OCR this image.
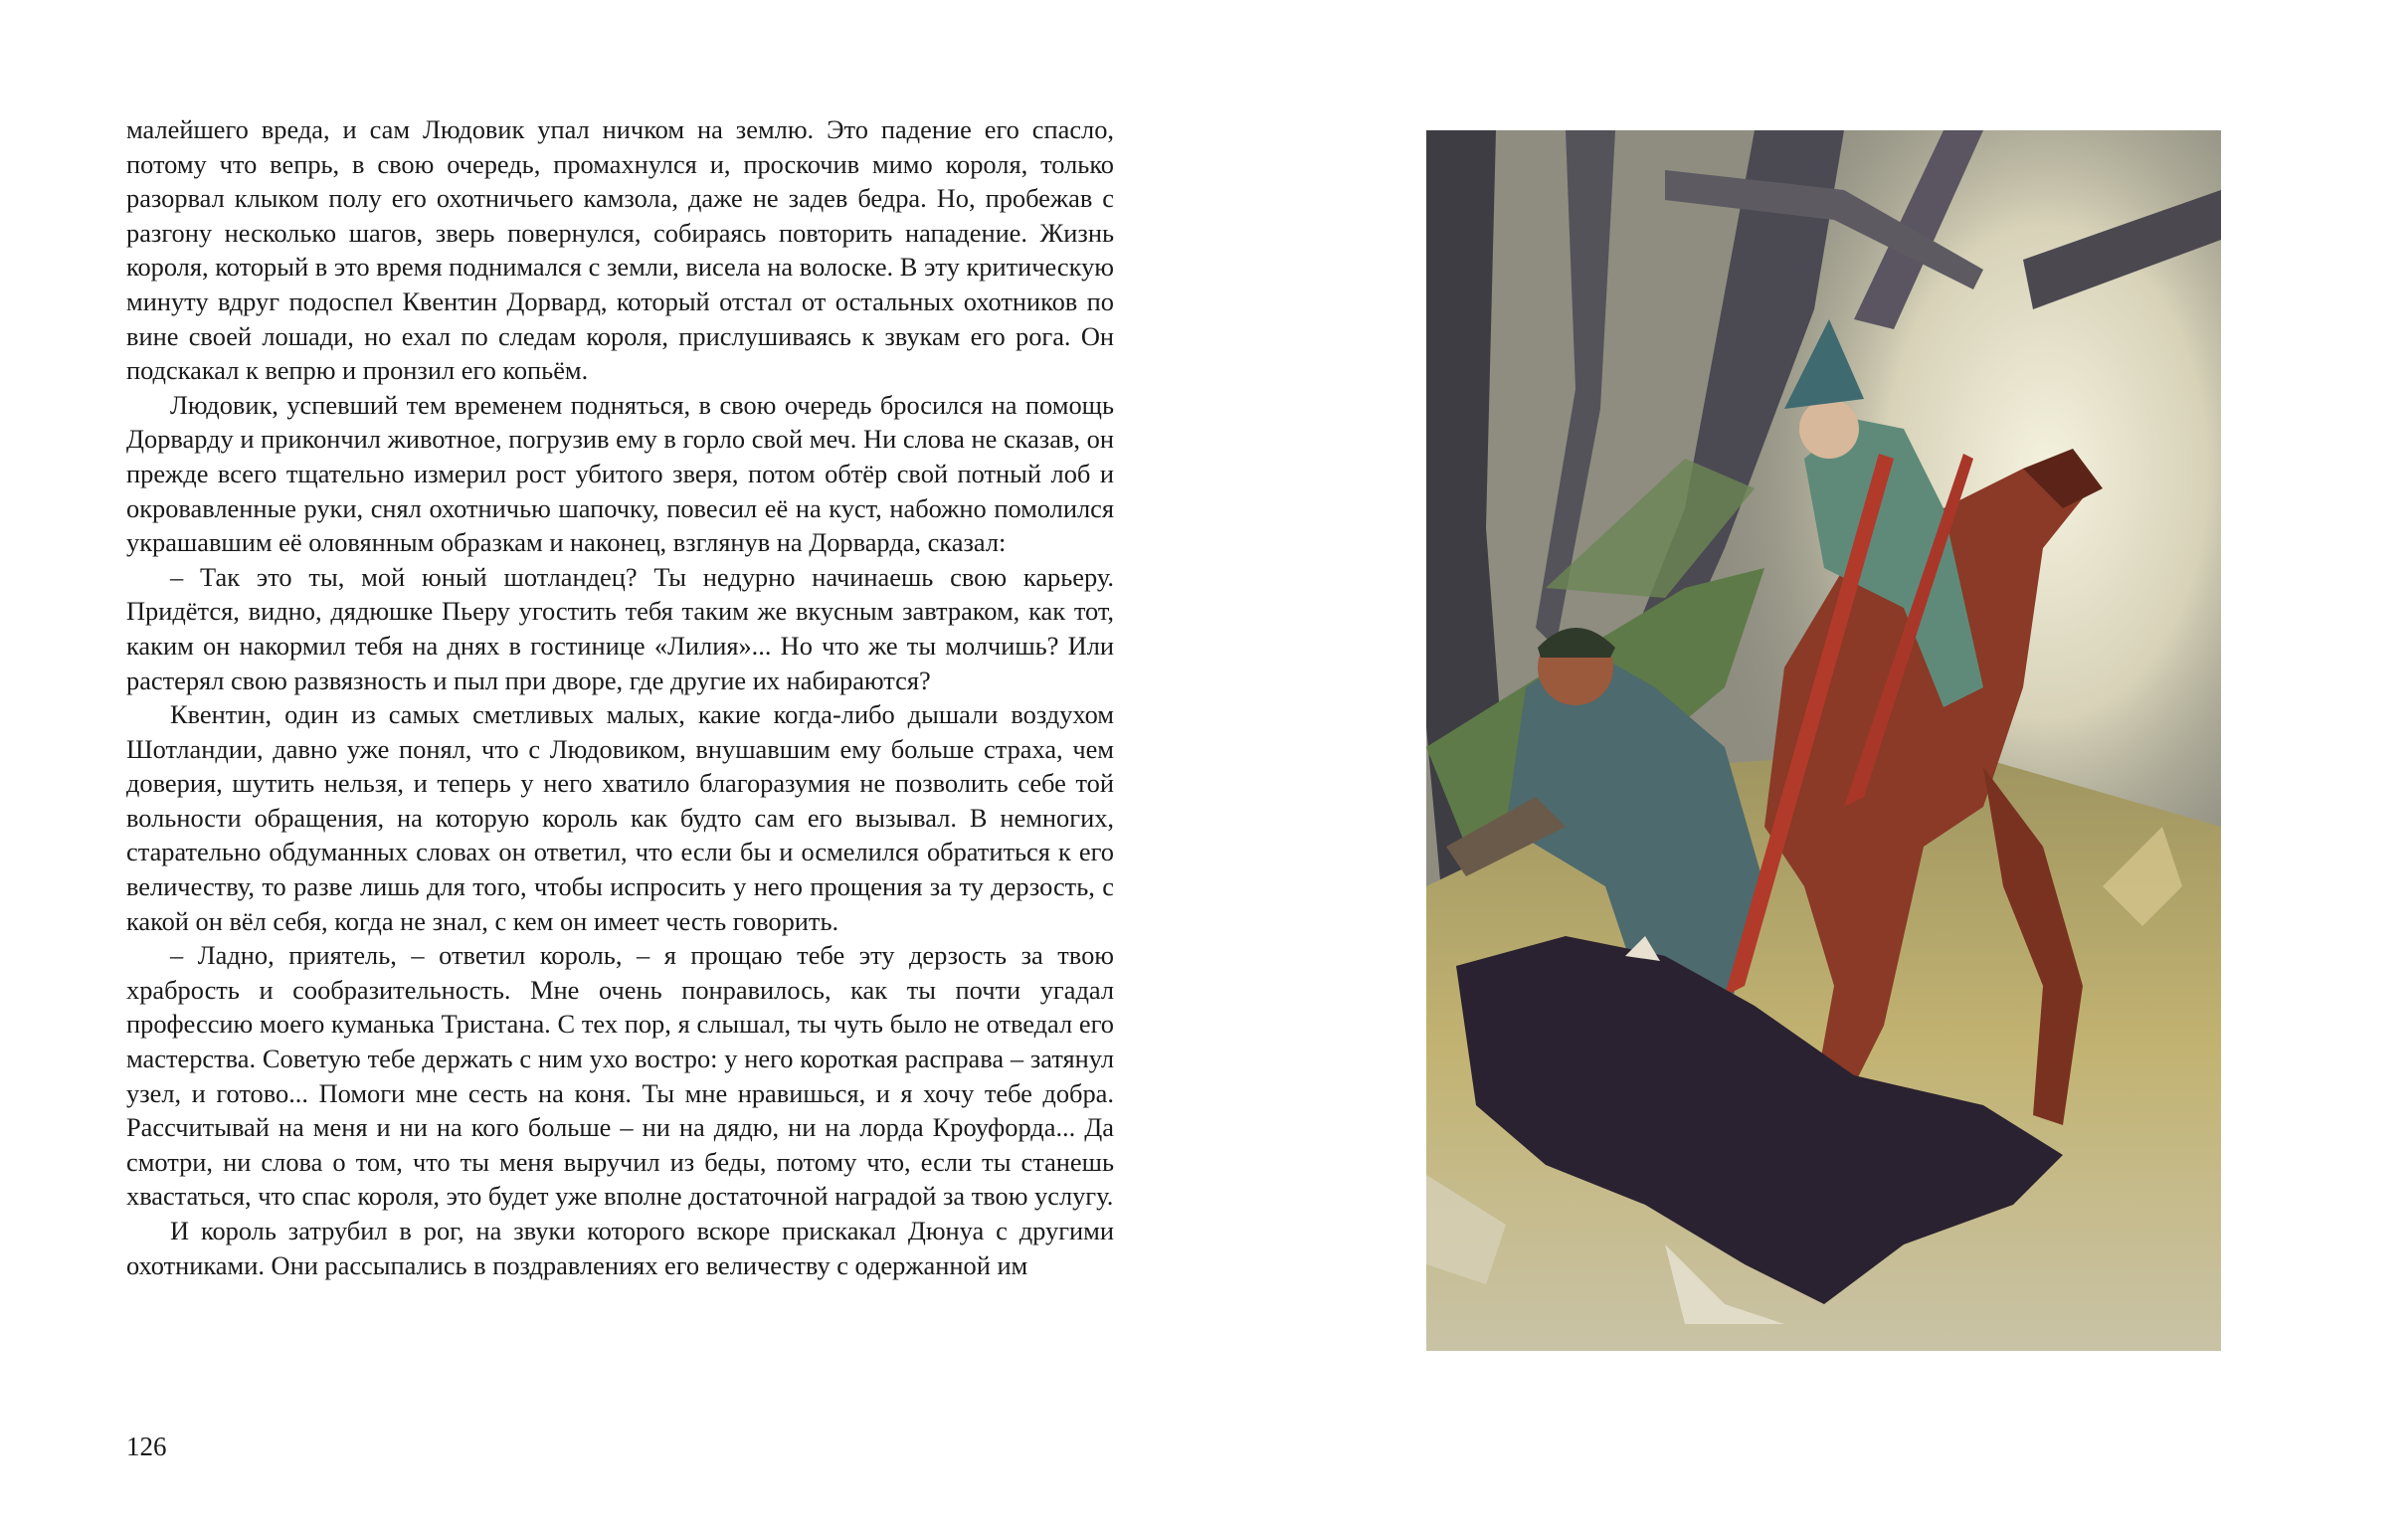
малейшего вреда, и сам Людовик упал ничком на землю. Это падение его спасло, потому что вепрь, в свою очередь, промахнулся и, проскочив мимо короля, только разорвал клыком полу его охотничьего камзола, даже не задев бедра. Но, пробежав с разгону несколько шагов, зверь повернулся, собираясь повторить нападение. Жизнь короля, который в это время поднимался с земли, висела на волоске. В эту критическую минуту вдруг подоспел Квентин Дорвард, который отстал от остальных охотников по вине своей лошади, но ехал по следам короля, прислушиваясь к звукам его рога. Он подскакал к вепрю и пронзил его копьём.

Людовик, успевший тем временем подняться, в свою очередь бросился на помощь Дорварду и прикончил животное, погрузив ему в горло свой меч. Ни слова не сказав, он прежде всего тщательно измерил рост убитого зверя, потом обтёр свой потный лоб и окровавленные руки, снял охотничью шапочку, повесил её на куст, набожно помолился украшавшим её оловянным образкам и наконец, взглянув на Дорварда, сказал:

– Так это ты, мой юный шотландец? Ты недурно начинаешь свою карьеру. Придётся, видно, дядюшке Пьеру угостить тебя таким же вкусным завтраком, как тот, каким он накормил тебя на днях в гостинице «Лилия»... Но что же ты молчишь? Или растерял свою развязность и пыл при дворе, где другие их набираются?

Квентин, один из самых сметливых малых, какие когда-либо дышали воздухом Шотландии, давно уже понял, что с Людовиком, внушавшим ему больше страха, чем доверия, шутить нельзя, и теперь у него хватило благоразумия не позволить себе той вольности обращения, на которую король как будто сам его вызывал. В немногих, старательно обдуманных словах он ответил, что если бы и осмелился обратиться к его величеству, то разве лишь для того, чтобы испросить у него прощения за ту дерзость, с какой он вёл себя, когда не знал, с кем он имеет честь говорить.

– Ладно, приятель, – ответил король, – я прощаю тебе эту дерзость за твою храбрость и сообразительность. Мне очень понравилось, как ты почти угадал профессию моего куманька Тристана. С тех пор, я слышал, ты чуть было не отведал его мастерства. Советую тебе держать с ним ухо востро: у него короткая расправа – затянул узел, и готово... Помоги мне сесть на коня. Ты мне нравишься, и я хочу тебе добра. Рассчитывай на меня и ни на кого больше – ни на дядю, ни на лорда Кроуфорда... Да смотри, ни слова о том, что ты меня выручил из беды, потому что, если ты станешь хвастаться, что спас короля, это будет уже вполне достаточной наградой за твою услугу.

И король затрубил в рог, на звуки которого вскоре прискакал Дюнуа с другими охотниками. Они рассыпались в поздравлениях его величеству с одержанной им

126
